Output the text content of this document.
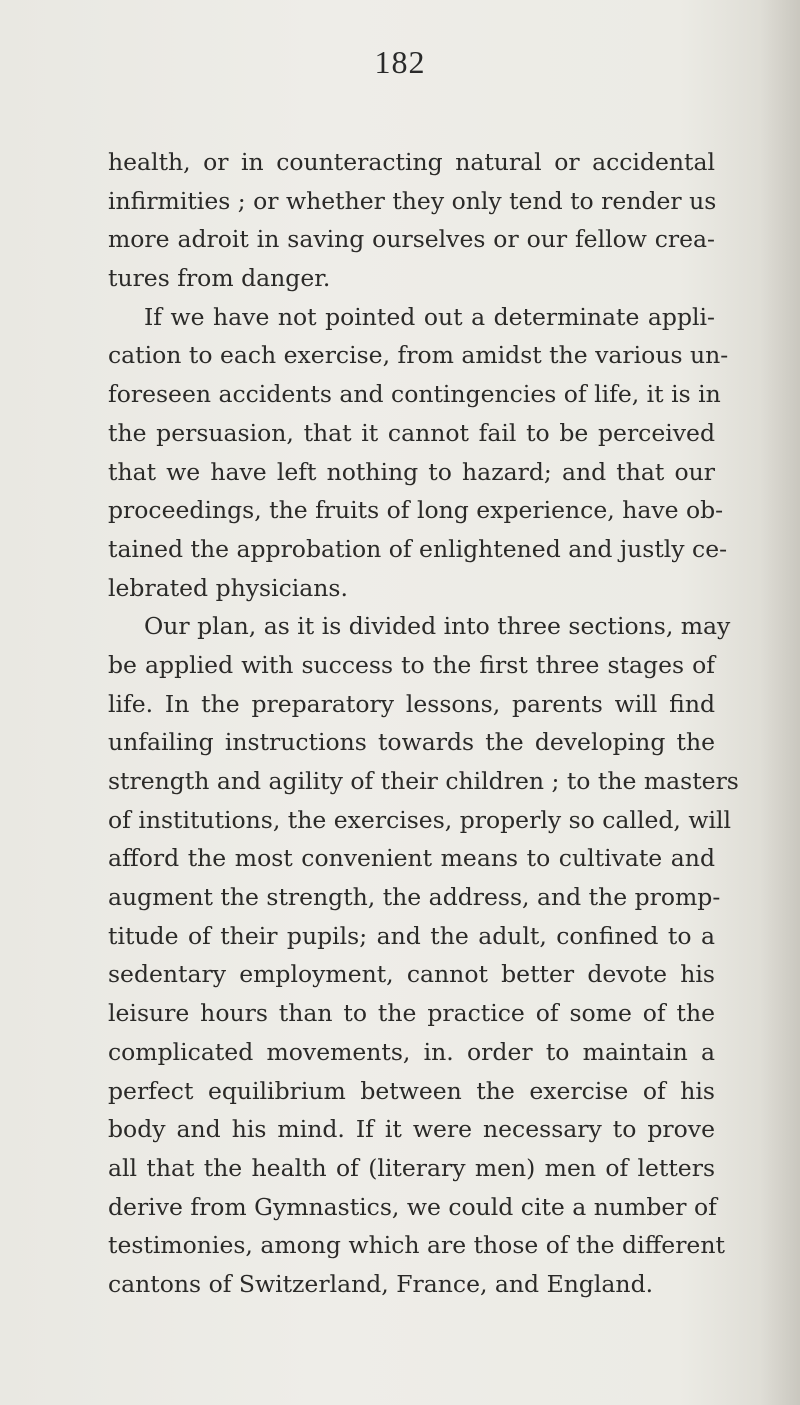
182
health, or in counteracting natural or accidental
infirmities ; or whether they only tend to render us
more adroit in saving ourselves or our fellow crea-
tures from danger.
If we have not pointed out a determinate appli-
cation to each exercise, from amidst the various un-
foreseen accidents and contingencies of life, it is in
the persuasion, that it cannot fail to be perceived
that we have left nothing to hazard; and that our
proceedings, the fruits of long experience, have ob-
tained the approbation of enlightened and justly ce-
lebrated physicians.
Our plan, as it is divided into three sections, may
be applied with success to the first three stages of
life. In the preparatory lessons, parents will find
unfailing instructions towards the developing the
strength and agility of their children ; to the masters
of institutions, the exercises, properly so called, will
afford the most convenient means to cultivate and
augment the strength, the address, and the promp-
titude of their pupils; and the adult, confined to a
sedentary employment, cannot better devote his
leisure hours than to the practice of some of the
complicated movements, in. order to maintain a
perfect equilibrium between the exercise of his
body and his mind. If it were necessary to prove
all that the health of (literary men) men of letters
derive from Gymnastics, we could cite a number of
testimonies, among which are those of the different
cantons of Switzerland, France, and England.
